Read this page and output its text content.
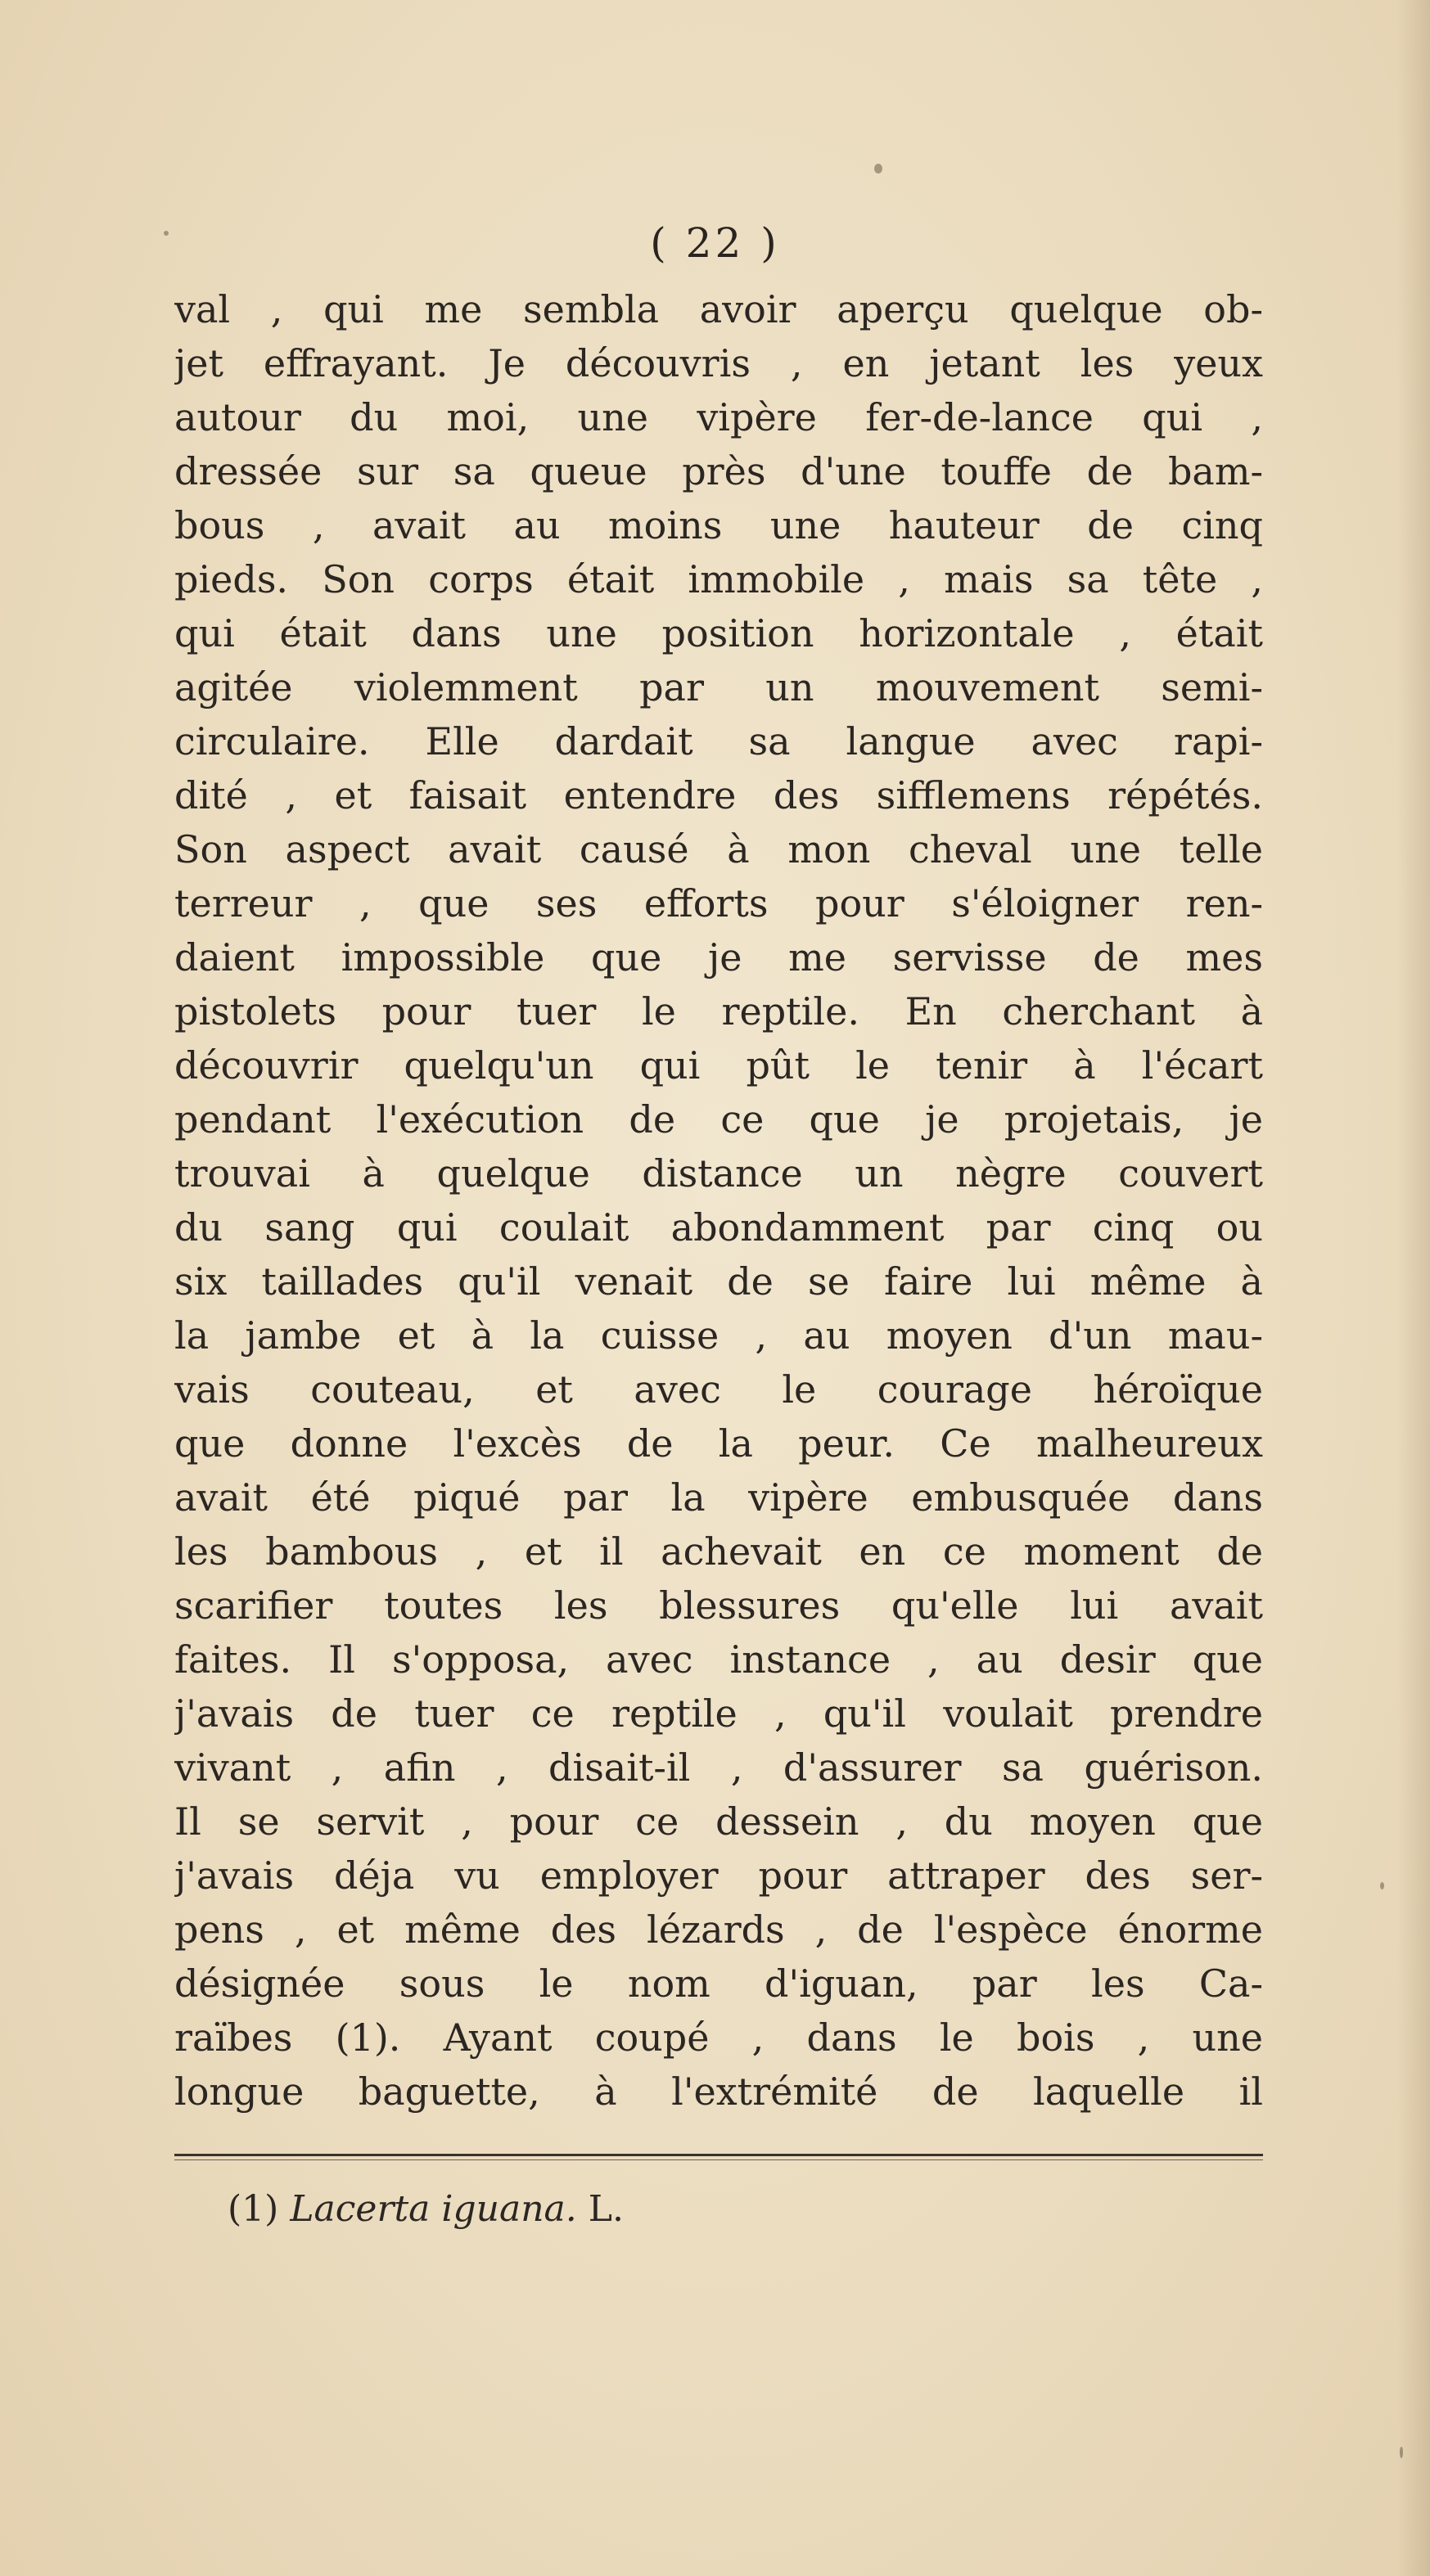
( 22 )
val , qui me sembla avoir aperçu quelque ob-
jet effrayant. Je découvris , en jetant les yeux
autour du moi, une vipère fer-de-lance qui ,
dressée sur sa queue près d'une touffe de bam-
bous , avait au moins une hauteur de cinq
pieds. Son corps était immobile , mais sa tête ,
qui était dans une position horizontale , était
agitée violemment par un mouvement semi-
circulaire. Elle dardait sa langue avec rapi-
dité , et faisait entendre des sifflemens répétés.
Son aspect avait causé à mon cheval une telle
terreur , que ses efforts pour s'éloigner ren-
daient impossible que je me servisse de mes
pistolets pour tuer le reptile. En cherchant à
découvrir quelqu'un qui pût le tenir à l'écart
pendant l'exécution de ce que je projetais, je
trouvai à quelque distance un nègre couvert
du sang qui coulait abondamment par cinq ou
six taillades qu'il venait de se faire lui même à
la jambe et à la cuisse , au moyen d'un mau-
vais couteau, et avec le courage héroïque
que donne l'excès de la peur. Ce malheureux
avait été piqué par la vipère embusquée dans
les bambous , et il achevait en ce moment de
scarifier toutes les blessures qu'elle lui avait
faites. Il s'opposa, avec instance , au desir que
j'avais de tuer ce reptile , qu'il voulait prendre
vivant , afin , disait-il , d'assurer sa guérison.
Il se servit , pour ce dessein , du moyen que
j'avais déja vu employer pour attraper des ser-
pens , et même des lézards , de l'espèce énorme
désignée sous le nom d'iguan, par les Ca-
raïbes (1). Ayant coupé , dans le bois , une
longue baguette, à l'extrémité de laquelle il
(1) Lacerta iguana. L.
